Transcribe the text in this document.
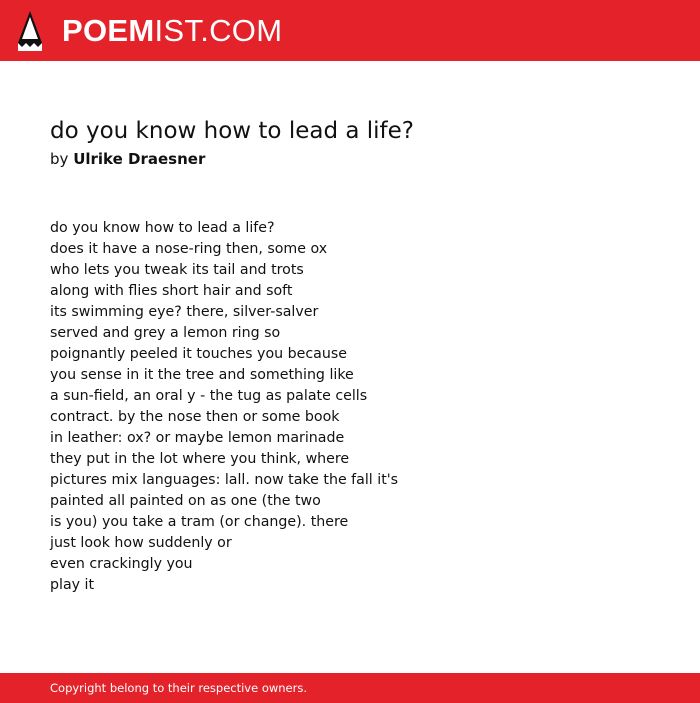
POEMIST.COM
do you know how to lead a life?
by Ulrike Draesner
do you know how to lead a life?
does it have a nose-ring then, some ox
who lets you tweak its tail and trots
along with flies short hair and soft
its swimming eye? there, silver-salver
served and grey a lemon ring so
poignantly peeled it touches you because
you sense in it the tree and something like
a sun-field, an oral y - the tug as palate cells
contract. by the nose then or some book
in leather: ox? or maybe lemon marinade
they put in the lot where you think, where
pictures mix languages: lall. now take the fall it's
painted all painted on as one (the two
is you) you take a tram (or change). there
just look how suddenly or
even crackingly you
play it
Copyright belong to their respective owners.
